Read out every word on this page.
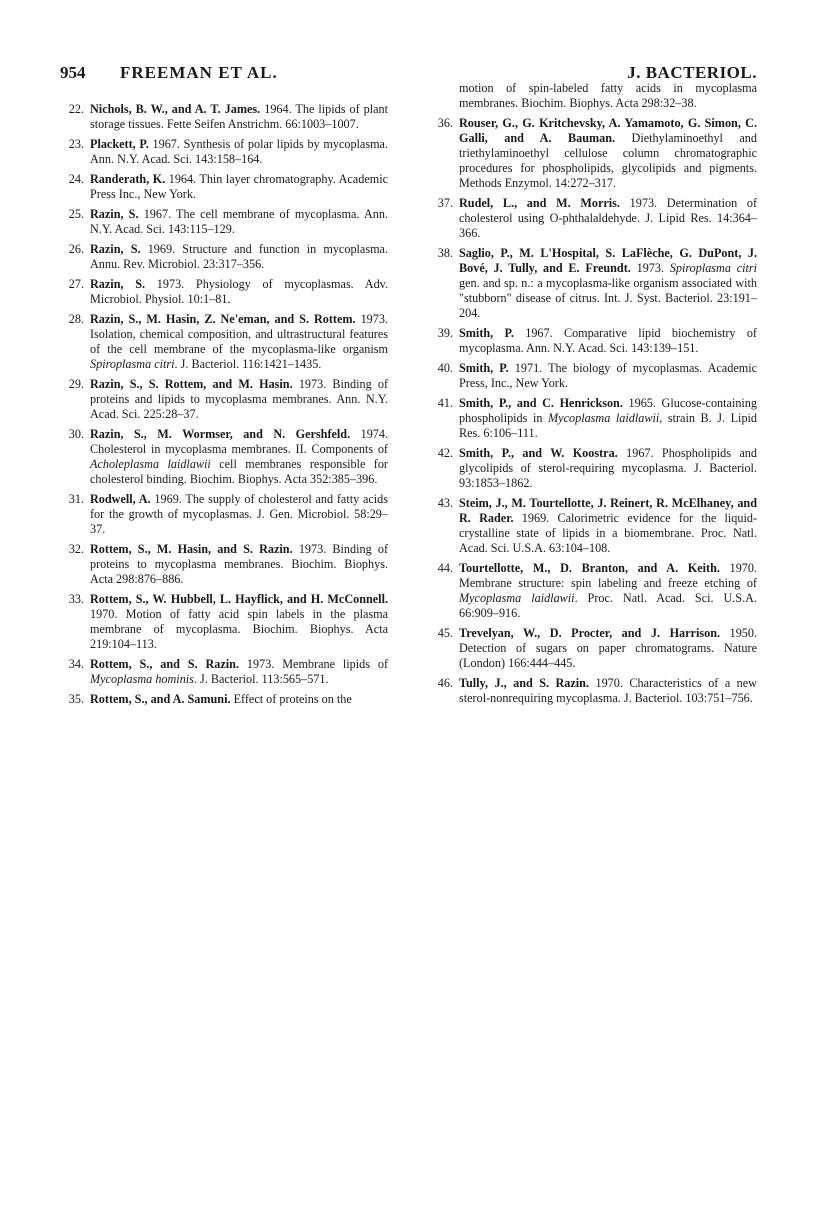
954 FREEMAN ET AL.	J. BACTERIOL.
22. Nichols, B. W., and A. T. James. 1964. The lipids of plant storage tissues. Fette Seifen Anstrichm. 66:1003–1007.
23. Plackett, P. 1967. Synthesis of polar lipids by mycoplasma. Ann. N.Y. Acad. Sci. 143:158–164.
24. Randerath, K. 1964. Thin layer chromatography. Academic Press Inc., New York.
25. Razin, S. 1967. The cell membrane of mycoplasma. Ann. N.Y. Acad. Sci. 143:115–129.
26. Razin, S. 1969. Structure and function in mycoplasma. Annu. Rev. Microbiol. 23:317–356.
27. Razin, S. 1973. Physiology of mycoplasmas. Adv. Microbiol. Physiol. 10:1–81.
28. Razin, S., M. Hasin, Z. Ne'eman, and S. Rottem. 1973. Isolation, chemical composition, and ultrastructural features of the cell membrane of the mycoplasma-like organism Spiroplasma citri. J. Bacteriol. 116:1421–1435.
29. Razin, S., S. Rottem, and M. Hasin. 1973. Binding of proteins and lipids to mycoplasma membranes. Ann. N.Y. Acad. Sci. 225:28–37.
30. Razin, S., M. Wormser, and N. Gershfeld. 1974. Cholesterol in mycoplasma membranes. II. Components of Acholeplasma laidlawii cell membranes responsible for cholesterol binding. Biochim. Biophys. Acta 352:385–396.
31. Rodwell, A. 1969. The supply of cholesterol and fatty acids for the growth of mycoplasmas. J. Gen. Microbiol. 58:29–37.
32. Rottem, S., M. Hasin, and S. Razin. 1973. Binding of proteins to mycoplasma membranes. Biochim. Biophys. Acta 298:876–886.
33. Rottem, S., W. Hubbell, L. Hayflick, and H. McConnell. 1970. Motion of fatty acid spin labels in the plasma membrane of mycoplasma. Biochim. Biophys. Acta 219:104–113.
34. Rottem, S., and S. Razin. 1973. Membrane lipids of Mycoplasma hominis. J. Bacteriol. 113:565–571.
35. Rottem, S., and A. Samuni. Effect of proteins on the
motion of spin-labeled fatty acids in mycoplasma membranes. Biochim. Biophys. Acta 298:32–38.
36. Rouser, G., G. Kritchevsky, A. Yamamoto, G. Simon, C. Galli, and A. Bauman. Diethylaminoethyl and triethylaminoethyl cellulose column chromatographic procedures for phospholipids, glycolipids and pigments. Methods Enzymol. 14:272–317.
37. Rudel, L., and M. Morris. 1973. Determination of cholesterol using O-phthalaldehyde. J. Lipid Res. 14:364–366.
38. Saglio, P., M. L'Hospital, S. LaFlèche, G. DuPont, J. Bové, J. Tully, and E. Freundt. 1973. Spiroplasma citri gen. and sp. n.: a mycoplasma-like organism associated with "stubborn" disease of citrus. Int. J. Syst. Bacteriol. 23:191–204.
39. Smith, P. 1967. Comparative lipid biochemistry of mycoplasma. Ann. N.Y. Acad. Sci. 143:139–151.
40. Smith, P. 1971. The biology of mycoplasmas. Academic Press, Inc., New York.
41. Smith, P., and C. Henrickson. 1965. Glucose-containing phospholipids in Mycoplasma laidlawii, strain B. J. Lipid Res. 6:106–111.
42. Smith, P., and W. Koostra. 1967. Phospholipids and glycolipids of sterol-requiring mycoplasma. J. Bacteriol. 93:1853–1862.
43. Steim, J., M. Tourtellotte, J. Reinert, R. McElhaney, and R. Rader. 1969. Calorimetric evidence for the liquid-crystalline state of lipids in a biomembrane. Proc. Natl. Acad. Sci. U.S.A. 63:104–108.
44. Tourtellotte, M., D. Branton, and A. Keith. 1970. Membrane structure: spin labeling and freeze etching of Mycoplasma laidlawii. Proc. Natl. Acad. Sci. U.S.A. 66:909–916.
45. Trevelyan, W., D. Procter, and J. Harrison. 1950. Detection of sugars on paper chromatograms. Nature (London) 166:444–445.
46. Tully, J., and S. Razin. 1970. Characteristics of a new sterol-nonrequiring mycoplasma. J. Bacteriol. 103:751–756.
